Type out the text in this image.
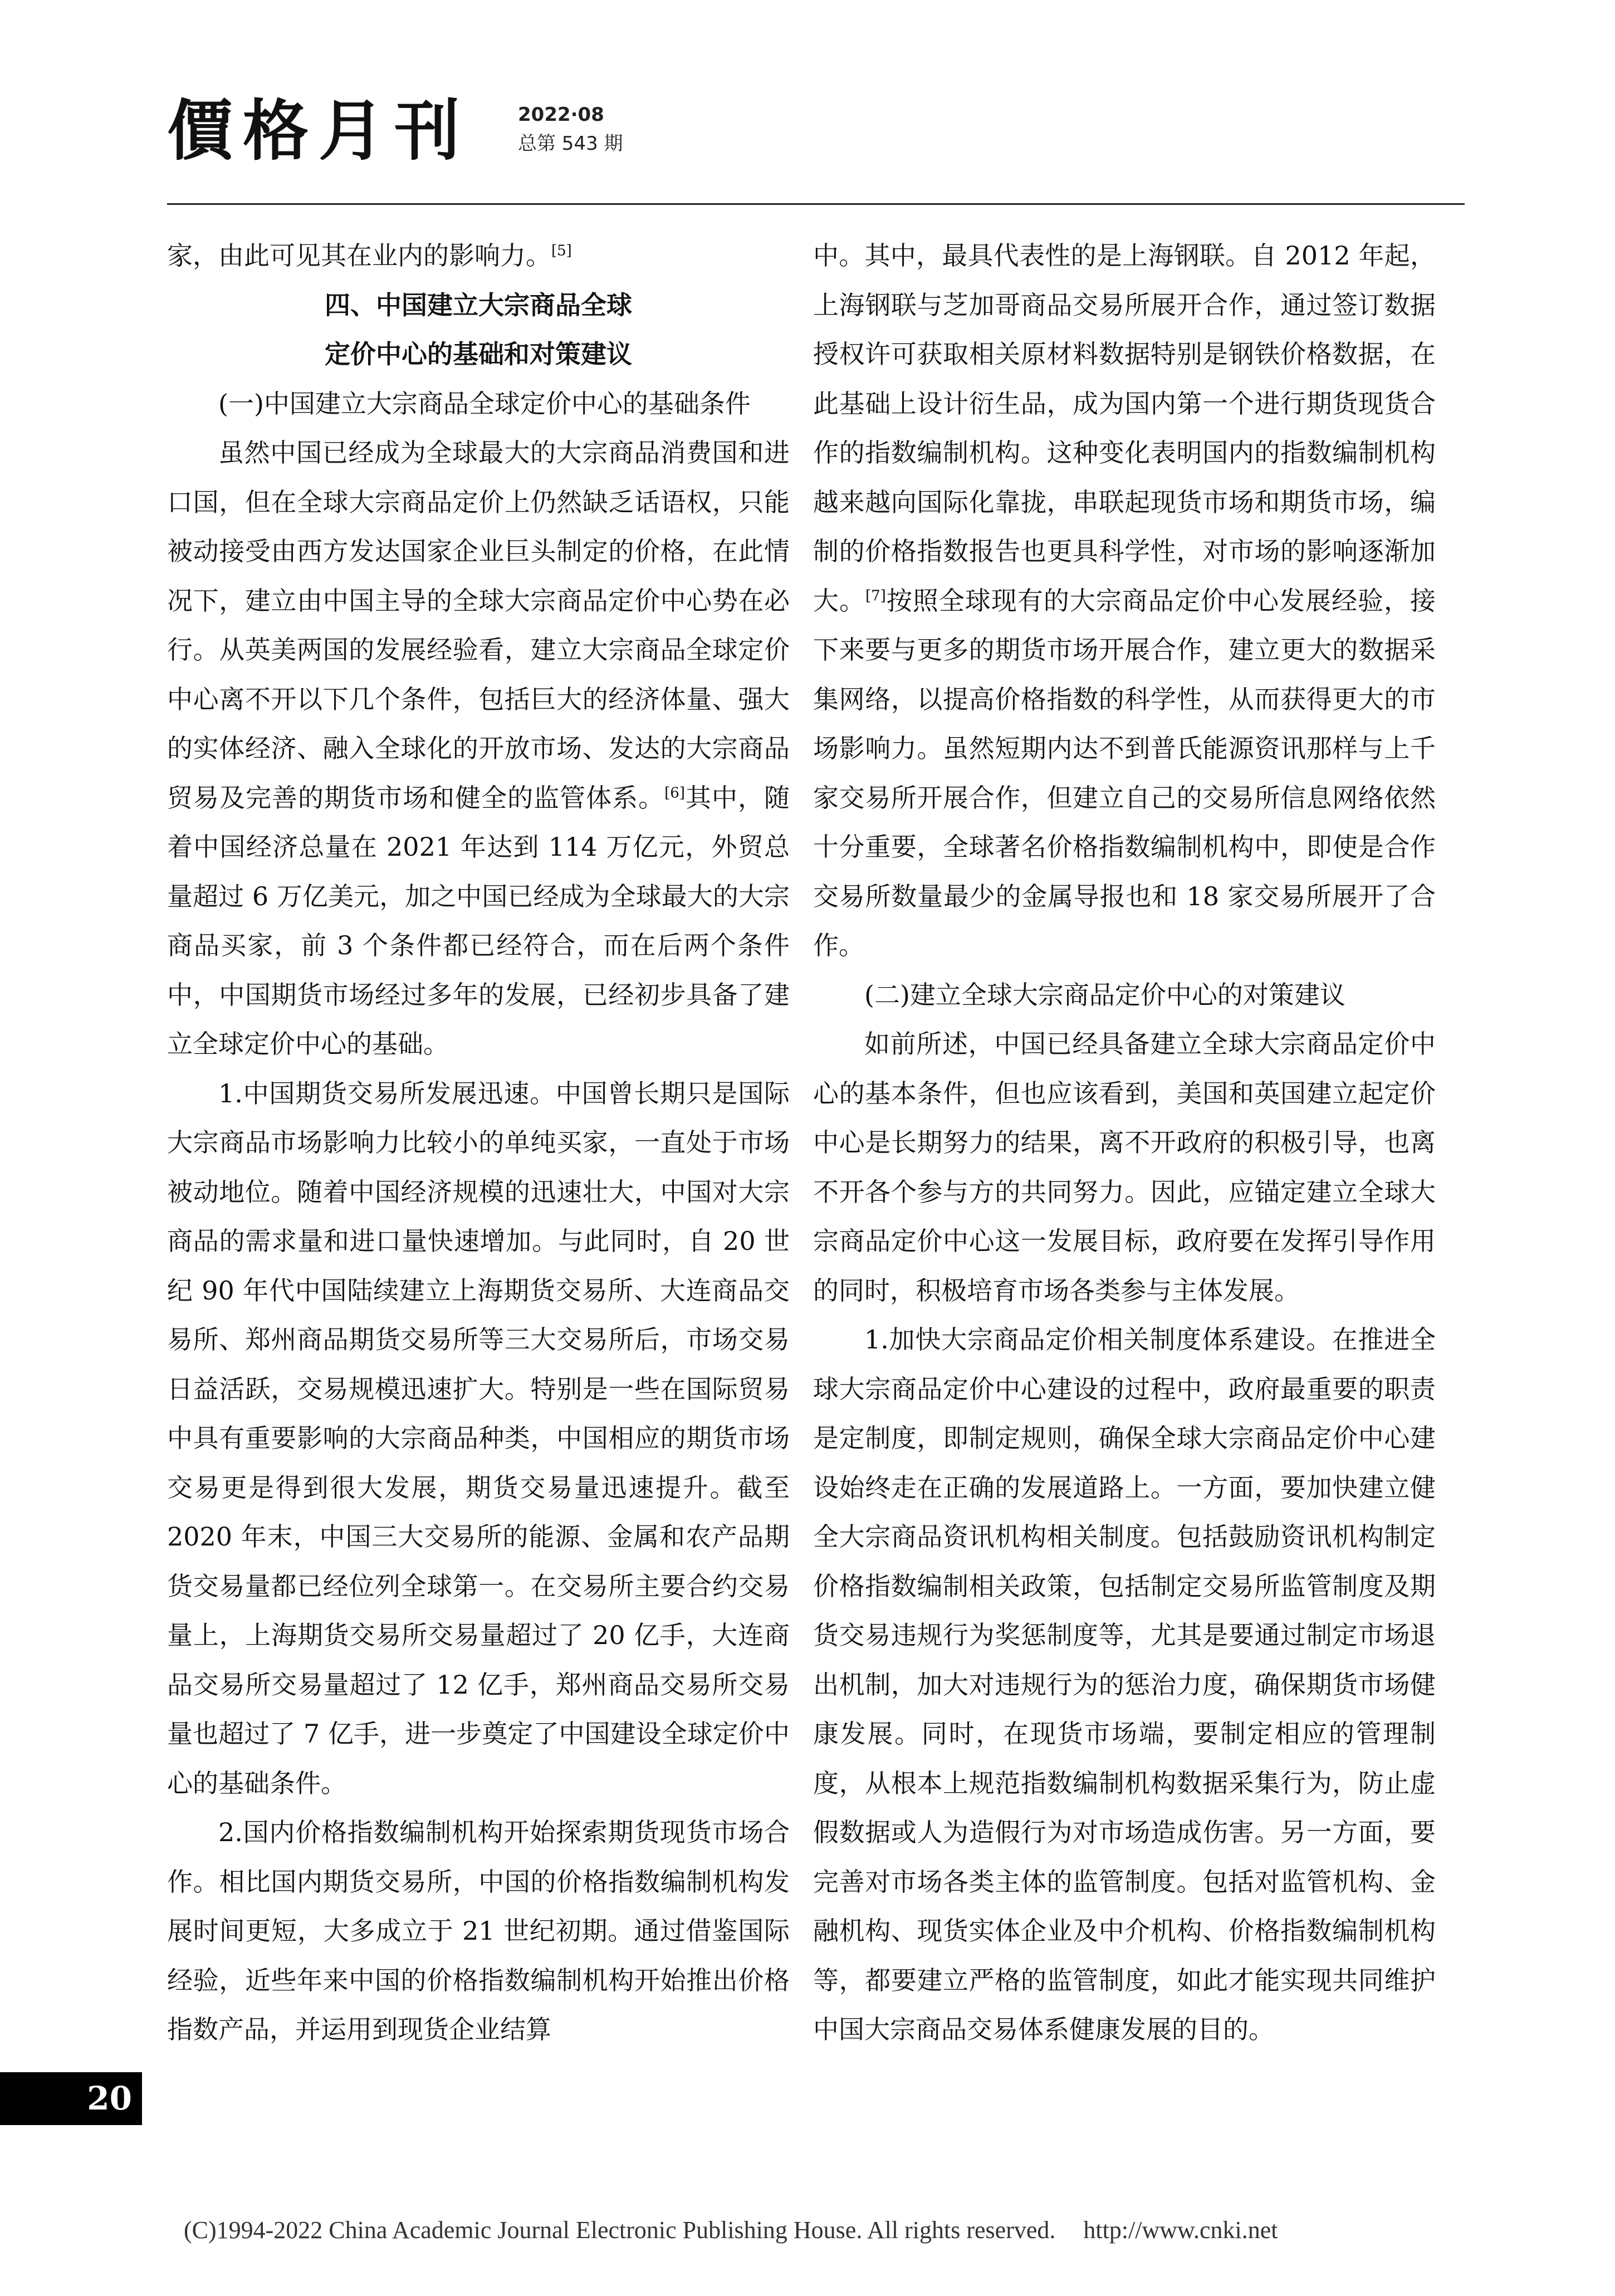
價格月刊	2022·08
总第 543 期

家，由此可见其在业内的影响力。[5]

四、中国建立大宗商品全球
定价中心的基础和对策建议
(一)中国建立大宗商品全球定价中心的基础条件

虽然中国已经成为全球最大的大宗商品消费国和进口国，但在全球大宗商品定价上仍然缺乏话语权，只能被动接受由西方发达国家企业巨头制定的价格，在此情况下，建立由中国主导的全球大宗商品定价中心势在必行。从英美两国的发展经验看，建立大宗商品全球定价中心离不开以下几个条件，包括巨大的经济体量、强大的实体经济、融入全球化的开放市场、发达的大宗商品贸易及完善的期货市场和健全的监管体系。[6]其中，随着中国经济总量在 2021 年达到 114 万亿元，外贸总量超过 6 万亿美元，加之中国已经成为全球最大的大宗商品买家，前 3 个条件都已经符合，而在后两个条件中，中国期货市场经过多年的发展，已经初步具备了建立全球定价中心的基础。

1.中国期货交易所发展迅速。中国曾长期只是国际大宗商品市场影响力比较小的单纯买家，一直处于市场被动地位。随着中国经济规模的迅速壮大，中国对大宗商品的需求量和进口量快速增加。与此同时，自 20 世纪 90 年代中国陆续建立上海期货交易所、大连商品交易所、郑州商品期货交易所等三大交易所后，市场交易日益活跃，交易规模迅速扩大。特别是一些在国际贸易中具有重要影响的大宗商品种类，中国相应的期货市场交易更是得到很大发展，期货交易量迅速提升。截至 2020 年末，中国三大交易所的能源、金属和农产品期货交易量都已经位列全球第一。在交易所主要合约交易量上，上海期货交易所交易量超过了 20 亿手，大连商品交易所交易量超过了 12 亿手，郑州商品交易所交易量也超过了 7 亿手，进一步奠定了中国建设全球定价中心的基础条件。

2.国内价格指数编制机构开始探索期货现货市场合作。相比国内期货交易所，中国的价格指数编制机构发展时间更短，大多成立于 21 世纪初期。通过借鉴国际经验，近些年来中国的价格指数编制机构开始推出价格指数产品，并运用到现货企业结算

中。其中，最具代表性的是上海钢联。自 2012 年起，上海钢联与芝加哥商品交易所展开合作，通过签订数据授权许可获取相关原材料数据特别是钢铁价格数据，在此基础上设计衍生品，成为国内第一个进行期货现货合作的指数编制机构。这种变化表明国内的指数编制机构越来越向国际化靠拢，串联起现货市场和期货市场，编制的价格指数报告也更具科学性，对市场的影响逐渐加大。[7]按照全球现有的大宗商品定价中心发展经验，接下来要与更多的期货市场开展合作，建立更大的数据采集网络，以提高价格指数的科学性，从而获得更大的市场影响力。虽然短期内达不到普氏能源资讯那样与上千家交易所开展合作，但建立自己的交易所信息网络依然十分重要，全球著名价格指数编制机构中，即使是合作交易所数量最少的金属导报也和 18 家交易所展开了合作。

(二)建立全球大宗商品定价中心的对策建议

如前所述，中国已经具备建立全球大宗商品定价中心的基本条件，但也应该看到，美国和英国建立起定价中心是长期努力的结果，离不开政府的积极引导，也离不开各个参与方的共同努力。因此，应锚定建立全球大宗商品定价中心这一发展目标，政府要在发挥引导作用的同时，积极培育市场各类参与主体发展。

1.加快大宗商品定价相关制度体系建设。在推进全球大宗商品定价中心建设的过程中，政府最重要的职责是定制度，即制定规则，确保全球大宗商品定价中心建设始终走在正确的发展道路上。一方面，要加快建立健全大宗商品资讯机构相关制度。包括鼓励资讯机构制定价格指数编制相关政策，包括制定交易所监管制度及期货交易违规行为奖惩制度等，尤其是要通过制定市场退出机制，加大对违规行为的惩治力度，确保期货市场健康发展。同时，在现货市场端，要制定相应的管理制度，从根本上规范指数编制机构数据采集行为，防止虚假数据或人为造假行为对市场造成伤害。另一方面，要完善对市场各类主体的监管制度。包括对监管机构、金融机构、现货实体企业及中介机构、价格指数编制机构等，都要建立严格的监管制度，如此才能实现共同维护中国大宗商品交易体系健康发展的目的。

20
(C)1994-2022 China Academic Journal Electronic Publishing House. All rights reserved. http://www.cnki.net
